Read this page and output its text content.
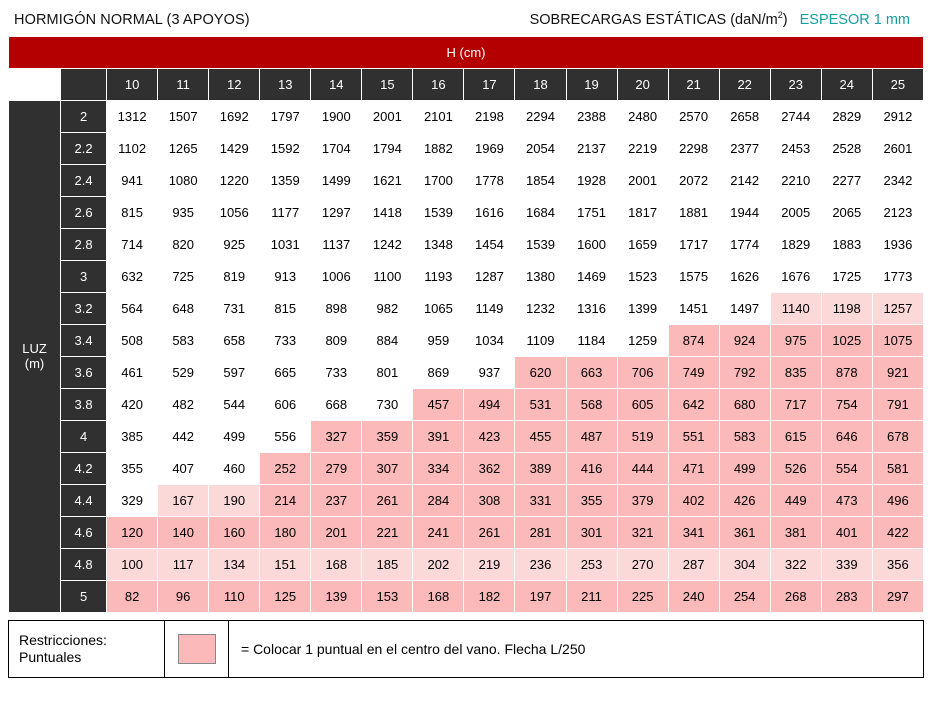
HORMIGÓN NORMAL (3 APOYOS)	SOBRECARGAS ESTÁTICAS $(daN/m^2)$ ESPESOR 1 mm
H (cm)																	
		10	11	12	13	14	15	16	17	18	19	20	21	22	23	24	25

LUZ
(m)	2	1312	1507	1692	1797	1900	2001	2101	2198	2294	2388	2480	2570	2658	2744	2829	2912
	2.2	1102	1265	1429	1592	1704	1794	1882	1969	2054	2137	2219	2298	2377	2453	2528	2601
	2.4	941	1080	1220	1359	1499	1621	1700	1778	1854	1928	2001	2072	2142	2210	2277	2342
	2.6	815	935	1056	1177	1297	1418	1539	1616	1684	1751	1817	1881	1944	2005	2065	2123
	2.8	714	820	925	1031	1137	1242	1348	1454	1539	1600	1659	1717	1774	1829	1883	1936
	3	632	725	819	913	1006	1100	1193	1287	1380	1469	1523	1575	1626	1676	1725	1773
	3.2	564	648	731	815	898	982	1065	1149	1232	1316	1399	1451	1497	1140	1198	1257
	3.4	508	583	658	733	809	884	959	1034	1109	1184	1259	874	924	975	1025	1075
	3.6	461	529	597	665	733	801	869	937	620	663	706	749	792	835	878	921
	3.8	420	482	544	606	668	730	457	494	531	568	605	642	680	717	754	791
	4	385	442	499	556	327	359	391	423	455	487	519	551	583	615	646	678
	4.2	355	407	460	252	279	307	334	362	389	416	444	471	499	526	554	581
	4.4	329	167	190	214	237	261	284	308	331	355	379	402	426	449	473	496
	4.6	120	140	160	180	201	221	241	261	281	301	321	341	361	381	401	422
	4.8	100	117	134	151	168	185	202	219	236	253	270	287	304	322	339	356
	5	82	96	110	125	139	153	168	182	197	211	225	240	254	268	283	297
Restricciones:
Puntuales	= Colocar 1 puntual en el centro del vano. Flecha L/250
